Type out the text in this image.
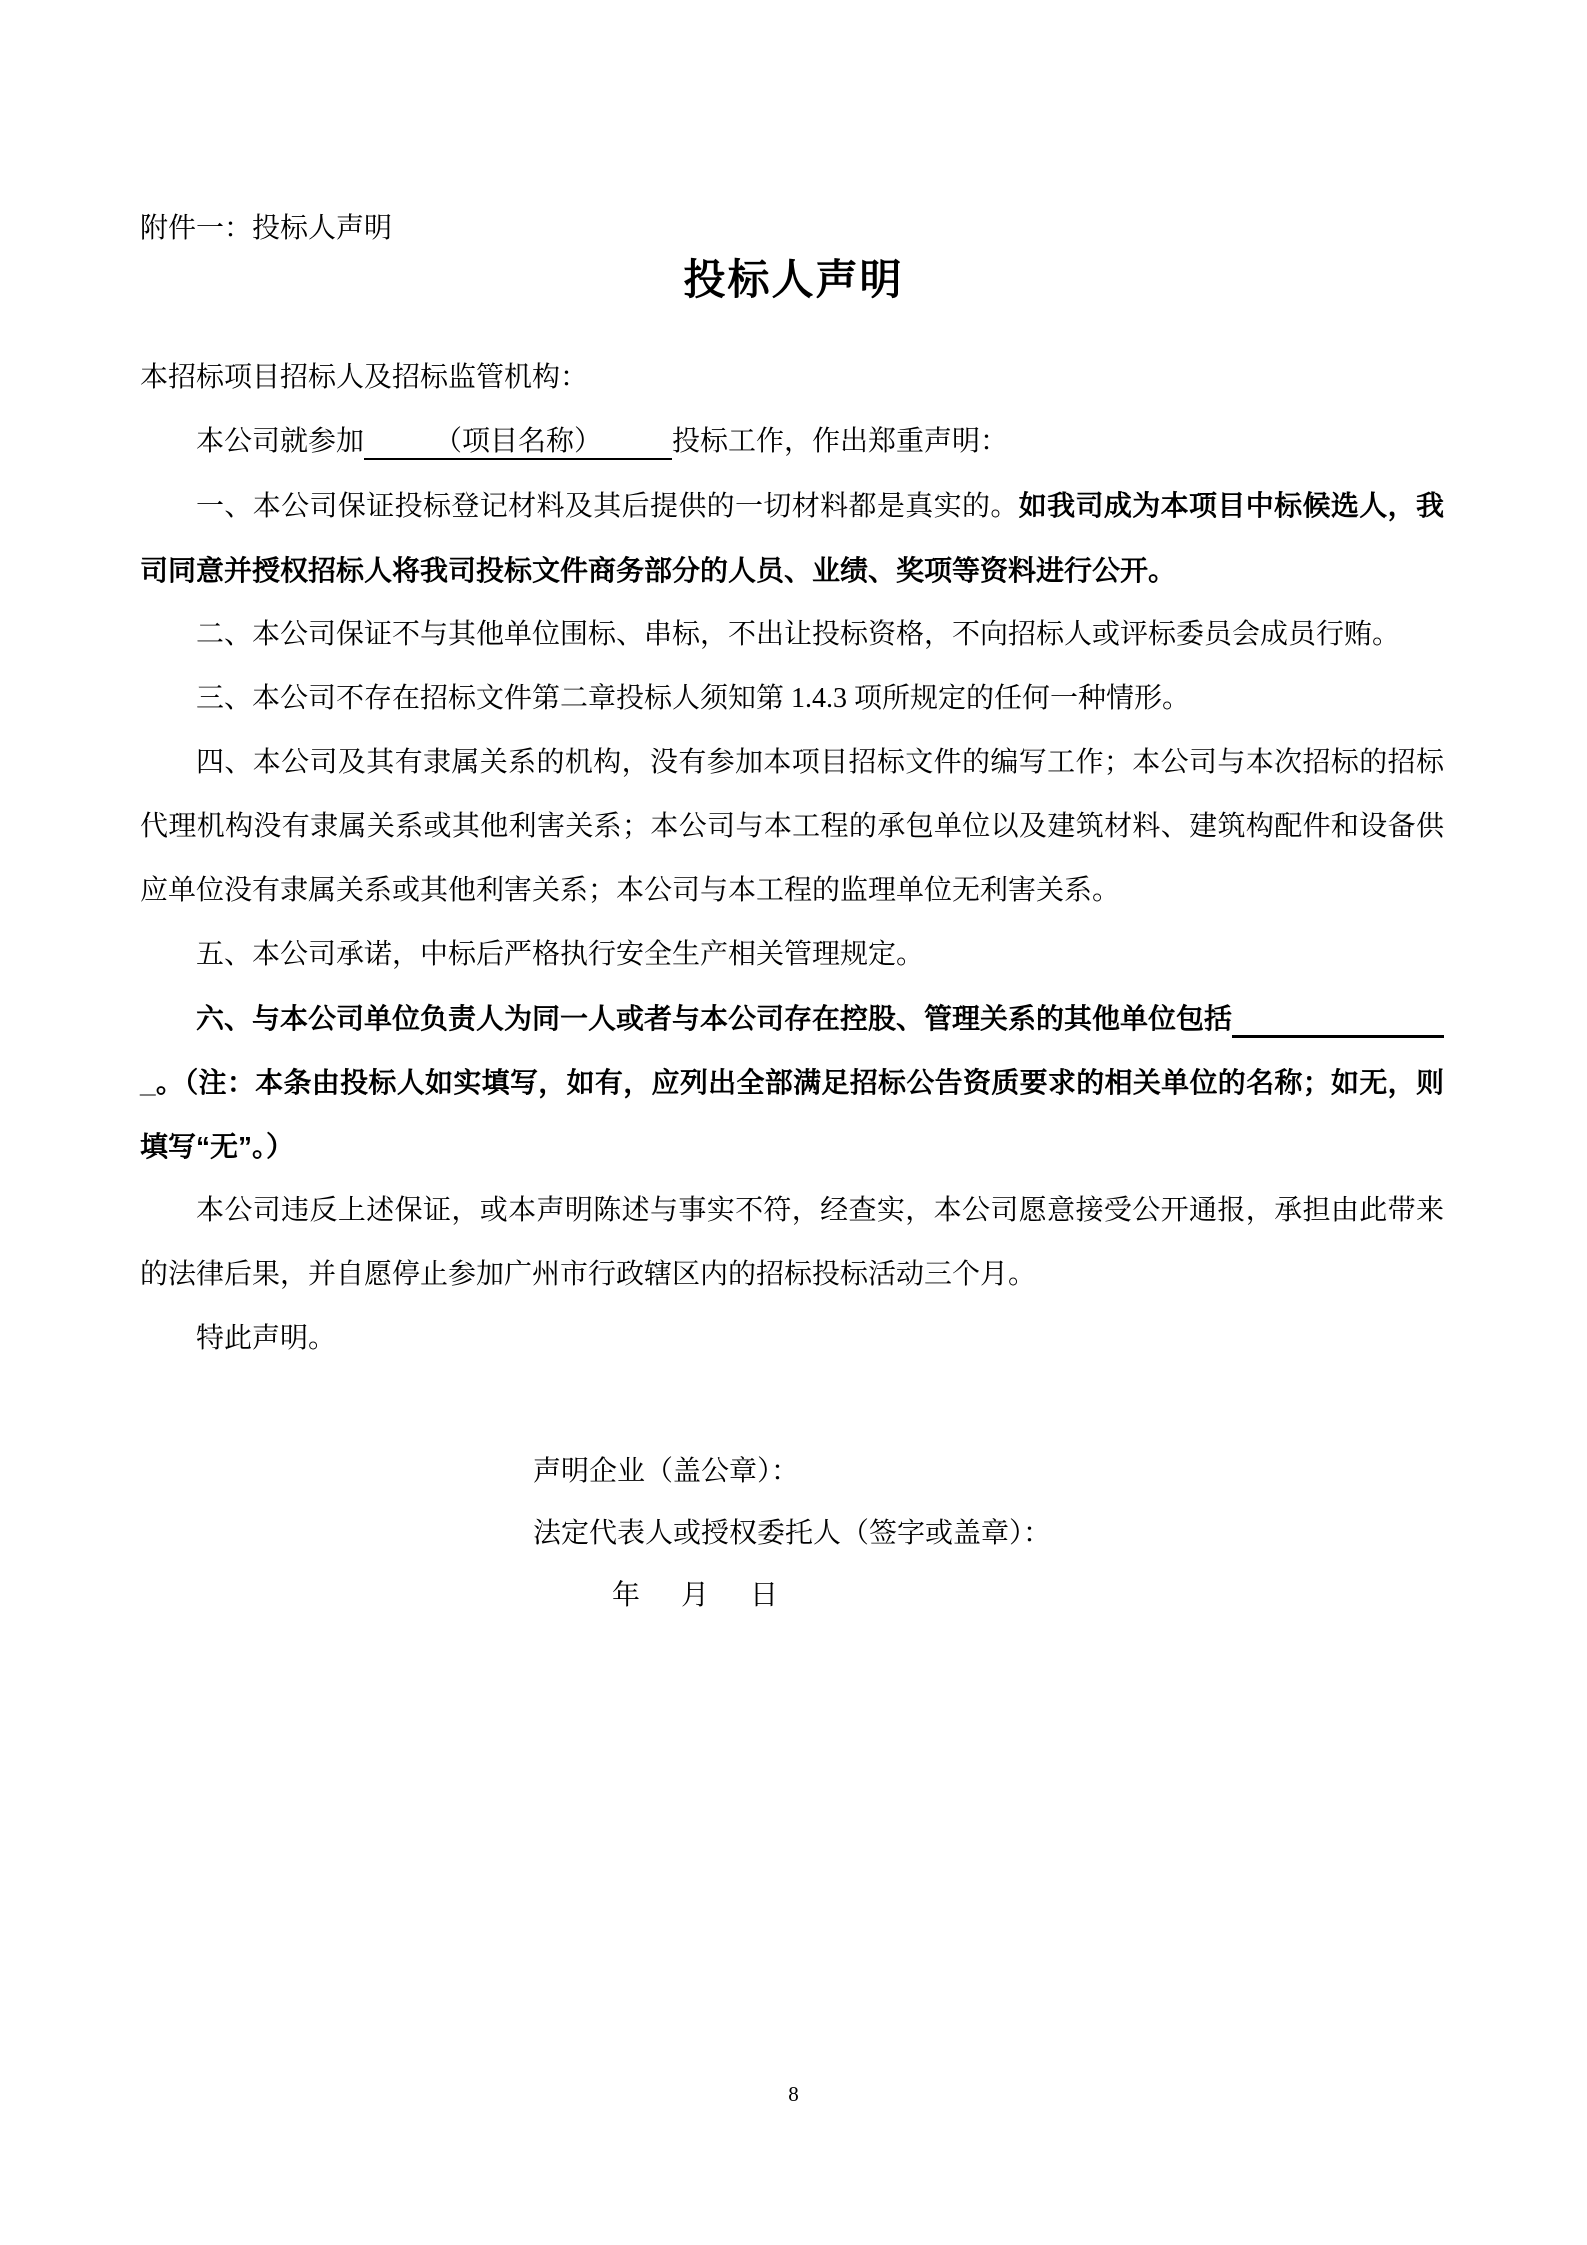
附件一：投标人声明
投标人声明
本招标项目招标人及招标监管机构：
本公司就参加　　　（项目名称）　　　投标工作，作出郑重声明：
一、本公司保证投标登记材料及其后提供的一切材料都是真实的。如我司成为本项目中标候选人，我
司同意并授权招标人将我司投标文件商务部分的人员、业绩、奖项等资料进行公开。
二、本公司保证不与其他单位围标、串标，不出让投标资格，不向招标人或评标委员会成员行贿。
三、本公司不存在招标文件第二章投标人须知第 1.4.3 项所规定的任何一种情形。
四、本公司及其有隶属关系的机构，没有参加本项目招标文件的编写工作；本公司与本次招标的招标
代理机构没有隶属关系或其他利害关系；本公司与本工程的承包单位以及建筑材料、建筑构配件和设备供
应单位没有隶属关系或其他利害关系；本公司与本工程的监理单位无利害关系。
五、本公司承诺，中标后严格执行安全生产相关管理规定。
六、与本公司单位负责人为同一人或者与本公司存在控股、管理关系的其他单位包括
_。（注：本条由投标人如实填写，如有，应列出全部满足招标公告资质要求的相关单位的名称；如无，则
填写“无”。）
本公司违反上述保证，或本声明陈述与事实不符，经查实，本公司愿意接受公开通报，承担由此带来
的法律后果，并自愿停止参加广州市行政辖区内的招标投标活动三个月。
特此声明。
声明企业（盖公章）：
法定代表人或授权委托人（签字或盖章）：
年 月 日
8
